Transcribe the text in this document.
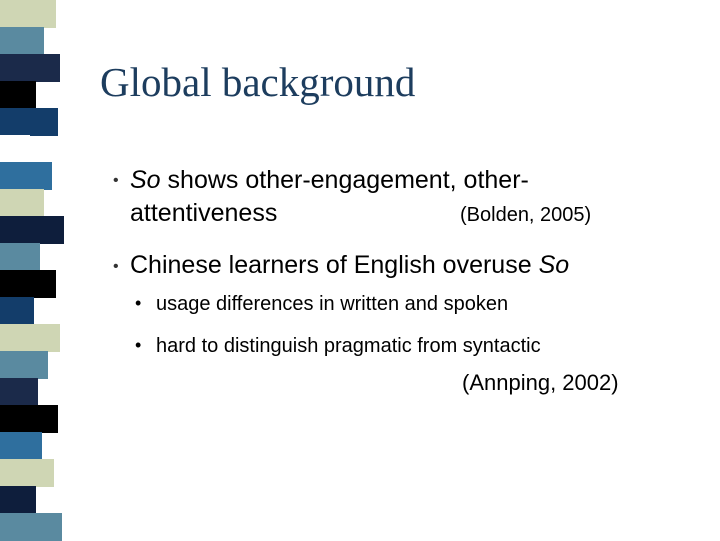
Global background
• So shows other-engagement, other-
attentiveness	(Bolden, 2005)
• Chinese learners of English overuse So
• usage differences in written and spoken
• hard to distinguish pragmatic from syntactic
(Annping, 2002)
